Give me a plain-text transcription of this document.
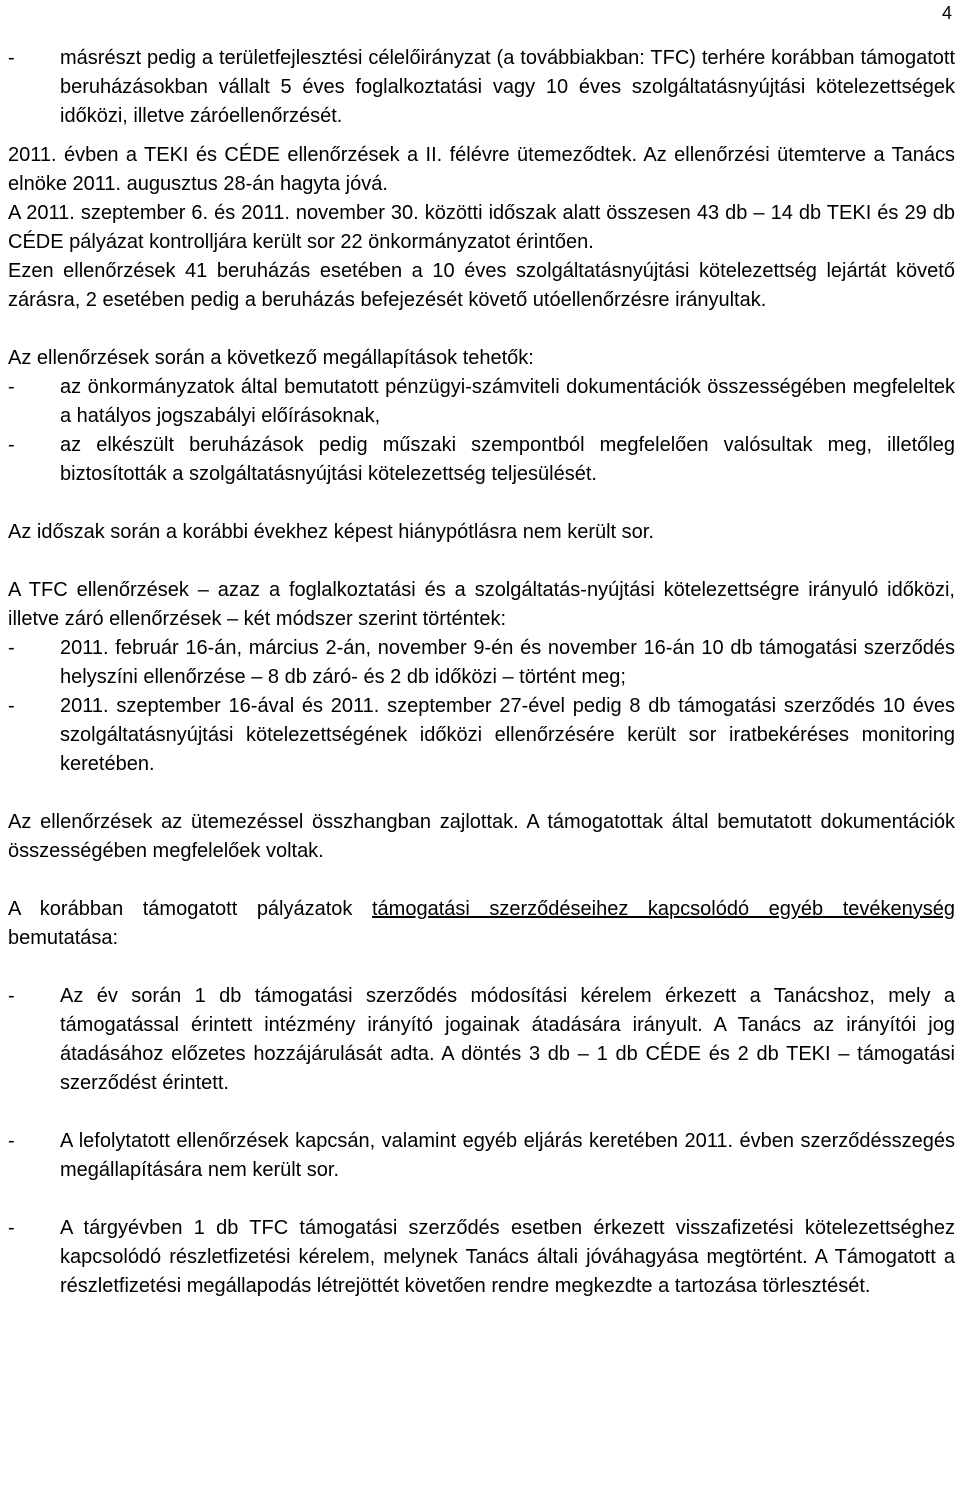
4
-	másrészt pedig a területfejlesztési célelőirányzat (a továbbiakban: TFC) terhére korábban támogatott beruházásokban vállalt 5 éves foglalkoztatási vagy 10 éves szolgáltatásnyújtási kötelezettségek időközi, illetve záróellenőrzését.

2011. évben a TEKI és CÉDE ellenőrzések a II. félévre ütemeződtek. Az ellenőrzési ütemterve a Tanács elnöke 2011. augusztus 28-án hagyta jóvá.

A 2011. szeptember 6. és 2011. november 30. közötti időszak alatt összesen 43 db – 14 db TEKI és 29 db CÉDE pályázat kontrolljára került sor 22 önkormányzatot érintően.

Ezen ellenőrzések 41 beruházás esetében a 10 éves szolgáltatásnyújtási kötelezettség lejártát követő zárásra, 2 esetében pedig a beruházás befejezését követő utóellenőrzésre irányultak.

Az ellenőrzések során a következő megállapítások tehetők:

-	az önkormányzatok által bemutatott pénzügyi-számviteli dokumentációk összességében megfeleltek a hatályos jogszabályi előírásoknak,
-	az elkészült beruházások pedig műszaki szempontból megfelelően valósultak meg, illetőleg biztosították a szolgáltatásnyújtási kötelezettség teljesülését.

Az időszak során a korábbi évekhez képest hiánypótlásra nem került sor.

A TFC ellenőrzések – azaz a foglalkoztatási és a szolgáltatás-nyújtási kötelezettségre irányuló időközi, illetve záró ellenőrzések – két módszer szerint történtek:

-	2011. február 16-án, március 2-án, november 9-én és november 16-án 10 db támogatási szerződés helyszíni ellenőrzése – 8 db záró- és 2 db időközi – történt meg;
-	2011. szeptember 16-ával és 2011. szeptember 27-ével pedig 8 db támogatási szerződés 10 éves szolgáltatásnyújtási kötelezettségének időközi ellenőrzésére került sor iratbekéréses monitoring keretében.

Az ellenőrzések az ütemezéssel összhangban zajlottak. A támogatottak által bemutatott dokumentációk összességében megfelelőek voltak.

A korábban támogatott pályázatok támogatási szerződéseihez kapcsolódó egyéb tevékenység bemutatása:

-	Az év során 1 db támogatási szerződés módosítási kérelem érkezett a Tanácshoz, mely a támogatással érintett intézmény irányító jogainak átadására irányult. A Tanács az irányítói jog átadásához előzetes hozzájárulását adta. A döntés 3 db – 1 db CÉDE és 2 db TEKI – támogatási szerződést érintett.
-	A lefolytatott ellenőrzések kapcsán, valamint egyéb eljárás keretében 2011. évben szerződésszegés megállapítására nem került sor.
-	A tárgyévben 1 db TFC támogatási szerződés esetben érkezett visszafizetési kötelezettséghez kapcsolódó részletfizetési kérelem, melynek Tanács általi jóváhagyása megtörtént. A Támogatott a részletfizetési megállapodás létrejöttét követően rendre megkezdte a tartozása törlesztését.
